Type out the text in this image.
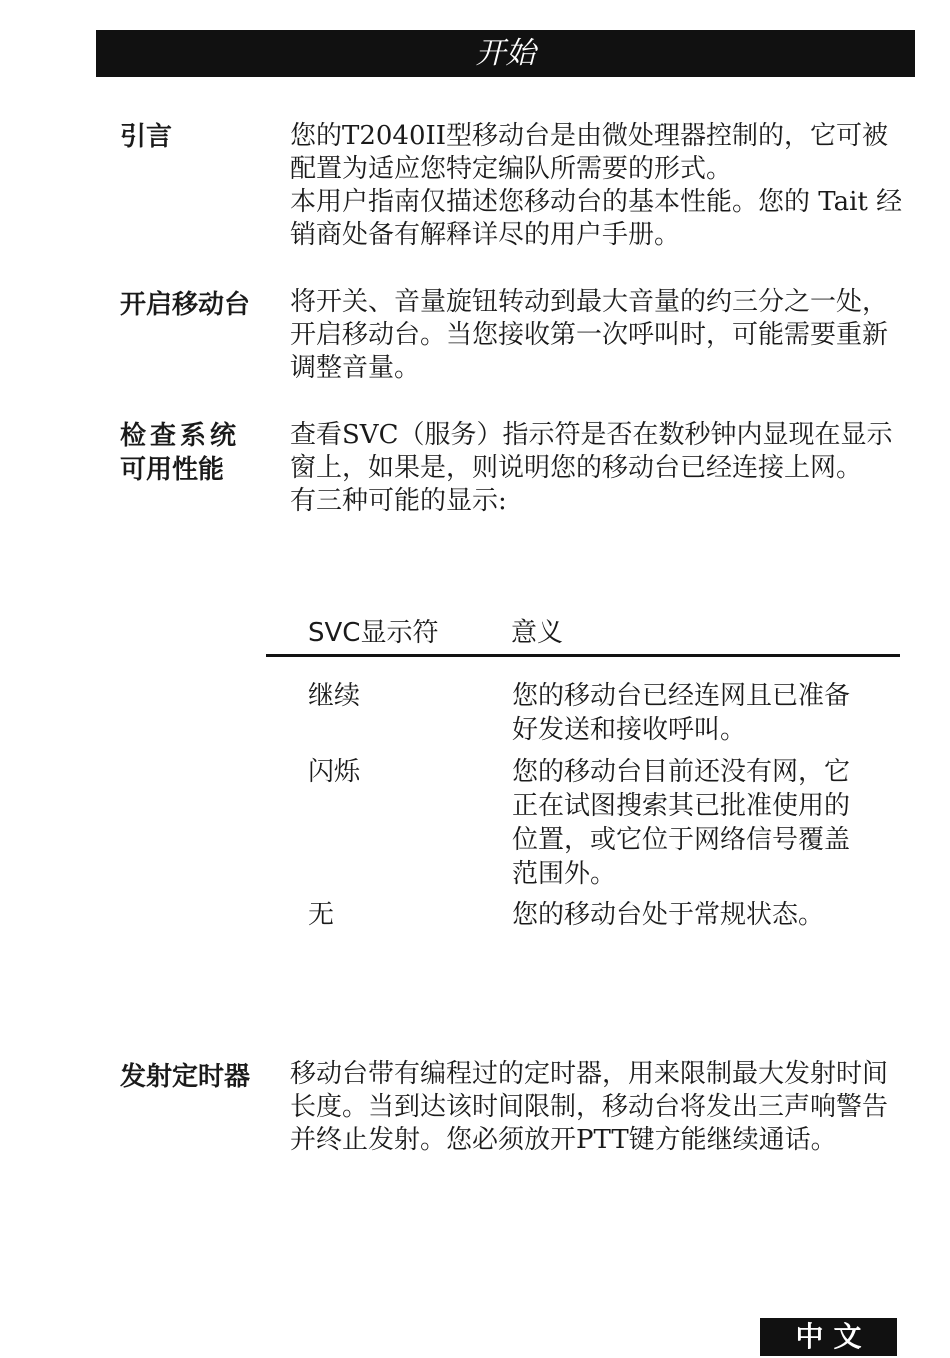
开始
引言	您的T2040II型移动台是由微处理器控制的，它可被配置为适应您特定编队所需要的形式。

本用户指南仅描述您移动台的基本性能。您的 Tait 经销商处备有解释详尽的用户手册。

开启移动台	将开关、音量旋钮转动到最大音量的约三分之一处，开启移动台。当您接收第一次呼叫时，可能需要重新调整音量。

检查系统
可用性能

查看SVC（服务）指示符是否在数秒钟内显现在显示窗上，如果是，则说明您的移动台已经连接上网。

有三种可能的显示:

SVC显示符	意义
继续	您的移动台已经连网且已准备好发送和接收呼叫。
闪烁	您的移动台目前还没有网，它正在试图搜索其已批准使用的位置，或它位于网络信号覆盖范围外。
无	您的移动台处于常规状态。
发射定时器	移动台带有编程过的定时器，用来限制最大发射时间长度。当到达该时间限制，移动台将发出三声响警告并终止发射。您必须放开PTT键方能继续通话。

中文
